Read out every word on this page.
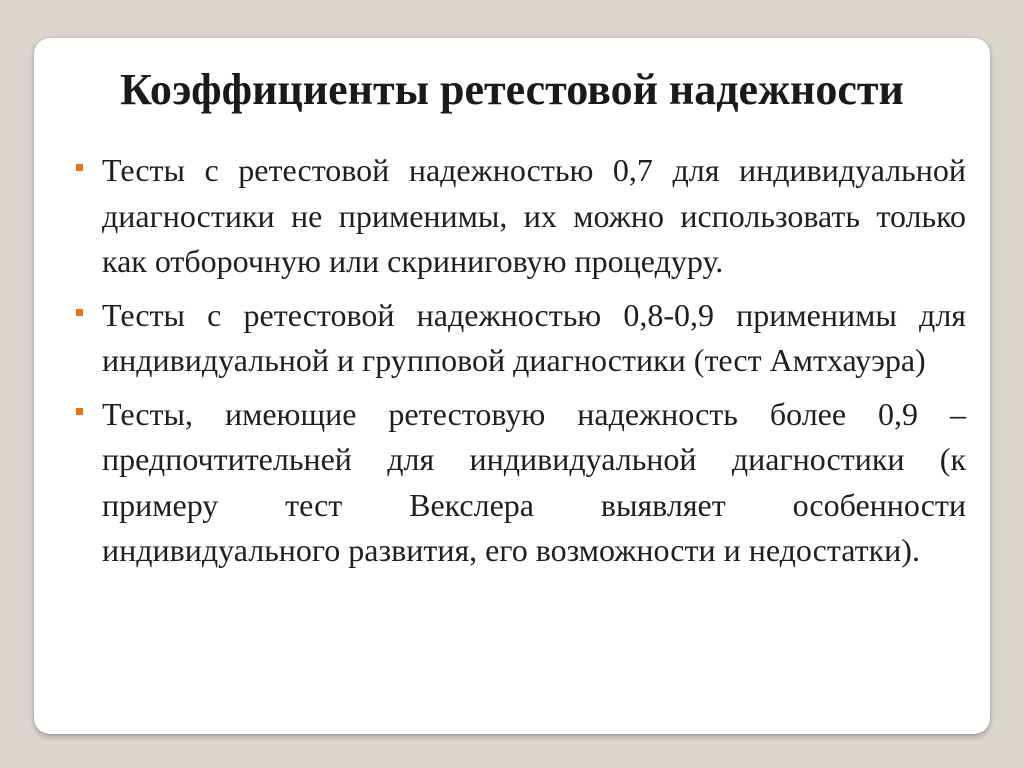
Коэффициенты ретестовой надежности
Тесты с ретестовой надежностью 0,7 для индивидуальной диагностики не применимы, их можно использовать только как отборочную или скриниговую процедуру.
Тесты с ретестовой надежностью 0,8-0,9 применимы для индивидуальной и групповой диагностики (тест Амтхауэра)
Тесты, имеющие ретестовую надежность более 0,9 – предпочтительней для индивидуальной диагностики (к примеру тест Векслера выявляет особенности индивидуального развития, его возможности и недостатки).
